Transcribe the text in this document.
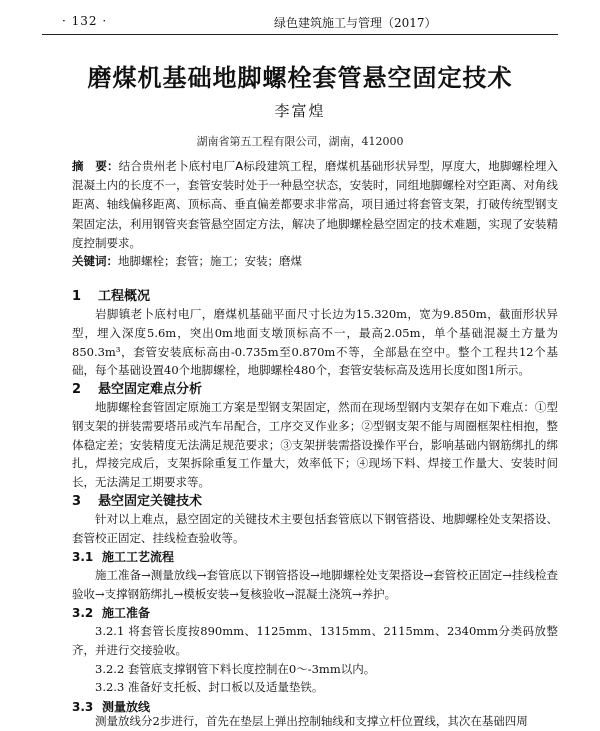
· 132 ·	绿色建筑施工与管理（2017）
磨煤机基础地脚螺栓套管悬空固定技术
李富煌
湖南省第五工程有限公司，湖南，412000
摘　要：结合贵州老卜底村电厂A标段建筑工程，磨煤机基础形状异型，厚度大，地脚螺栓埋入混凝土内的长度不一，套管安装时处于一种悬空状态，安装时，同组地脚螺栓对空距离、对角线距离、轴线偏移距离、顶标高、垂直偏差都要求非常高，项目通过将套管支架，打破传统型钢支架固定法，利用钢管夹套管悬空固定方法，解决了地脚螺栓悬空固定的技术难题，实现了安装精度控制要求。
关键词：地脚螺栓；套管；施工；安装；磨煤
1 工程概况
岩脚镇老卜底村电厂，磨煤机基础平面尺寸长边为15.320m，宽为9.850m，截面形状异型，埋入深度5.6m，突出0m地面支墩顶标高不一，最高2.05m，单个基础混凝土方量为850.3m³，套管安装底标高由-0.735m至0.870m不等，全部悬在空中。整个工程共12个基础，每个基础设置40个地脚螺栓，地脚螺栓480个，套管安装标高及选用长度如图1所示。
2 悬空固定难点分析
地脚螺栓套管固定原施工方案是型钢支架固定，然而在现场型钢内支架存在如下难点：①型钢支架的拼装需要塔吊或汽车吊配合，工序交叉作业多；②型钢支架不能与周圈框架柱相抱，整体稳定差；安装精度无法满足规范要求；③支架拼装需搭设操作平台，影响基础内钢筋绑扎的绑扎，焊接完成后，支架拆除重复工作量大，效率低下；④现场下料、焊接工作量大、安装时间长，无法满足工期要求等。
3 悬空固定关键技术
针对以上难点，悬空固定的关键技术主要包括套管底以下钢管搭设、地脚螺栓处支架搭设、套管校正固定、挂线检查验收等。
3.1 施工工艺流程
施工准备→测量放线→套管底以下钢管搭设→地脚螺栓处支架搭设→套管校正固定→挂线检查验收→支撑钢筋绑扎→模板安装→复核验收→混凝土浇筑→养护。
3.2 施工准备
3.2.1 将套管长度按890mm、1125mm、1315mm、2115mm、2340mm分类码放整齐，并进行交接验收。
3.2.2 套管底支撑钢管下料长度控制在0～-3mm以内。
3.2.3 准备好支托板、封口板以及适量垫铁。
3.3 测量放线
测量放线分2步进行，首先在垫层上弹出控制轴线和支撑立杆位置线，其次在基础四周
